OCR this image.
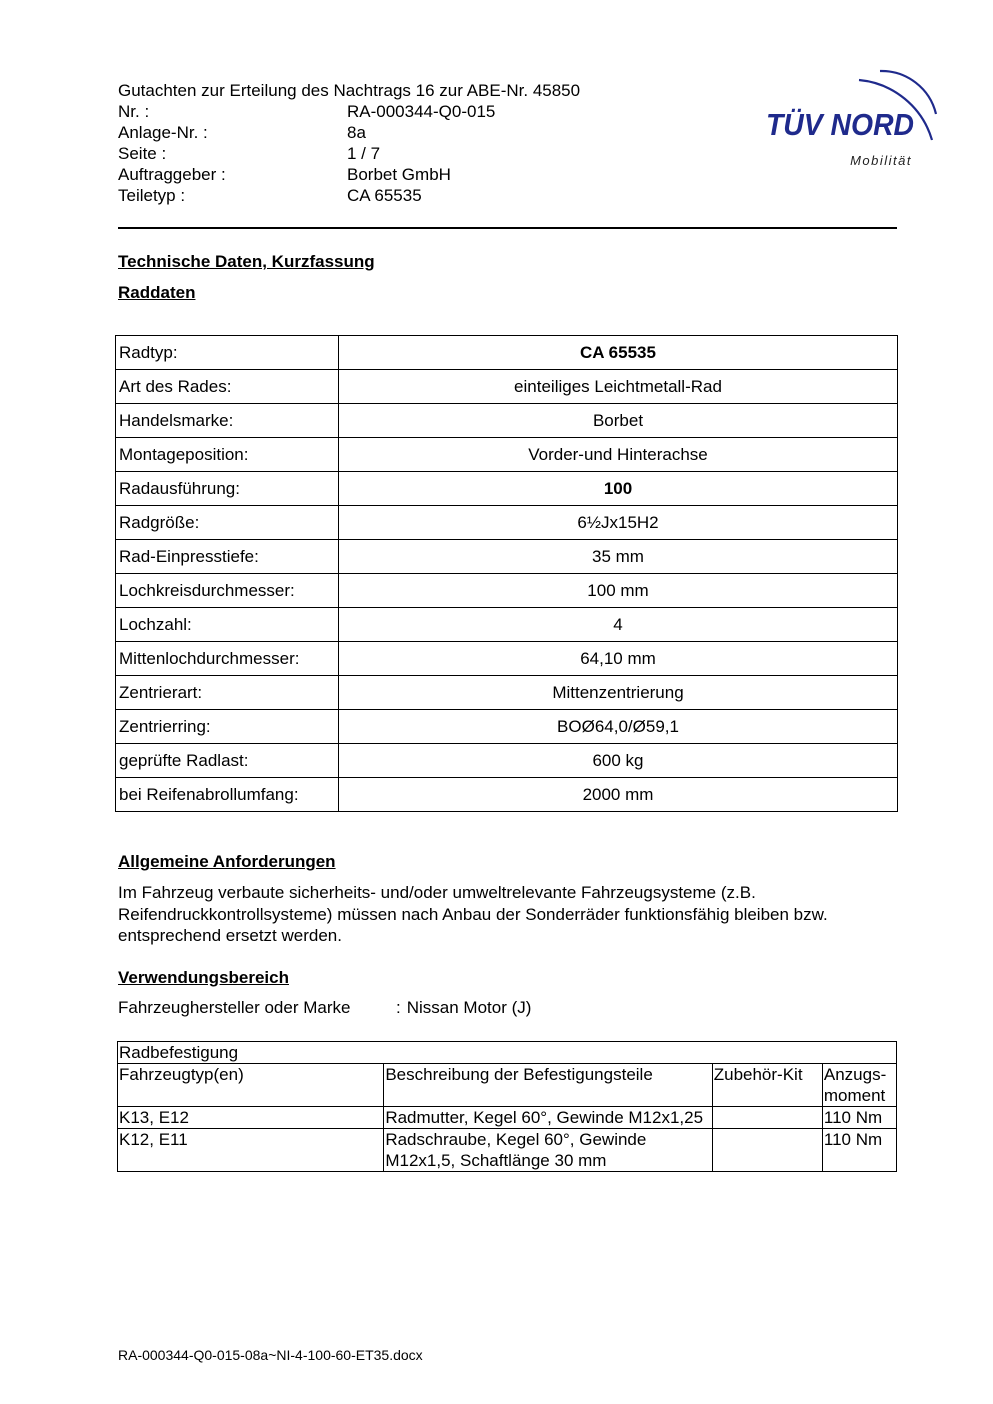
Gutachten zur Erteilung des Nachtrags 16 zur ABE-Nr. 45850
Nr. :	RA-000344-Q0-015
Anlage-Nr. :	8a
Seite :	1 / 7
Auftraggeber :	Borbet GmbH
Teiletyp :	CA 65535
TÜV NORD
Mobilität
Technische Daten, Kurzfassung
Raddaten
Radtyp:	CA 65535
Art des Rades:	einteiliges Leichtmetall-Rad
Handelsmarke:	Borbet
Montageposition:	Vorder-und Hinterachse
Radausführung:	100
Radgröße:	6½Jx15H2
Rad-Einpresstiefe:	35 mm
Lochkreisdurchmesser:	100 mm
Lochzahl:	4
Mittenlochdurchmesser:	64,10 mm
Zentrierart:	Mittenzentrierung
Zentrierring:	BOØ64,0/Ø59,1
geprüfte Radlast:	600 kg
bei Reifenabrollumfang:	2000 mm
Allgemeine Anforderungen
Im Fahrzeug verbaute sicherheits- und/oder umweltrelevante Fahrzeugsysteme (z.B. Reifendruckkontrollsysteme) müssen nach Anbau der Sonderräder funktionsfähig bleiben bzw. entsprechend ersetzt werden.
Verwendungsbereich
Fahrzeughersteller oder Marke	: Nissan Motor (J)
Radbefestigung			
Fahrzeugtyp(en)	Beschreibung der Befestigungsteile	Zubehör-Kit	Anzugs-moment
K13, E12	Radmutter, Kegel 60°, Gewinde M12x1,25		110 Nm
K12, E11	Radschraube, Kegel 60°, Gewinde M12x1,5, Schaftlänge 30 mm		110 Nm
RA-000344-Q0-015-08a~NI-4-100-60-ET35.docx
